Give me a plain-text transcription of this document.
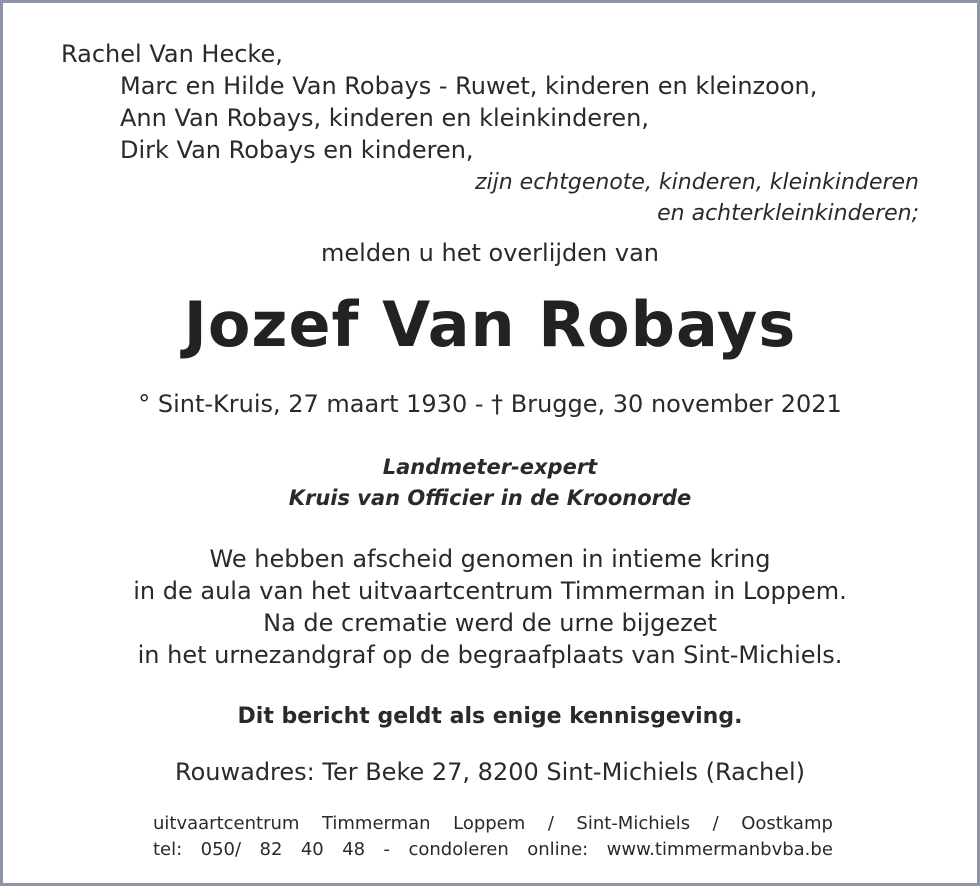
Rachel Van Hecke,
Marc en Hilde Van Robays - Ruwet, kinderen en kleinzoon,
Ann Van Robays, kinderen en kleinkinderen,
Dirk Van Robays en kinderen,
zijn echtgenote, kinderen, kleinkinderen
en achterkleinkinderen;
melden u het overlijden van
Jozef Van Robays
° Sint-Kruis, 27 maart 1930 - † Brugge, 30 november 2021
Landmeter-expert
Kruis van Officier in de Kroonorde
We hebben afscheid genomen in intieme kring
in de aula van het uitvaartcentrum Timmerman in Loppem.
Na de crematie werd de urne bijgezet
in het urnezandgraf op de begraafplaats van Sint-Michiels.
Dit bericht geldt als enige kennisgeving.
Rouwadres: Ter Beke 27, 8200 Sint-Michiels (Rachel)
uitvaartcentrum Timmerman Loppem / Sint-Michiels / Oostkamp
tel: 050/ 82 40 48 - condoleren online: www.timmermanbvba.be
